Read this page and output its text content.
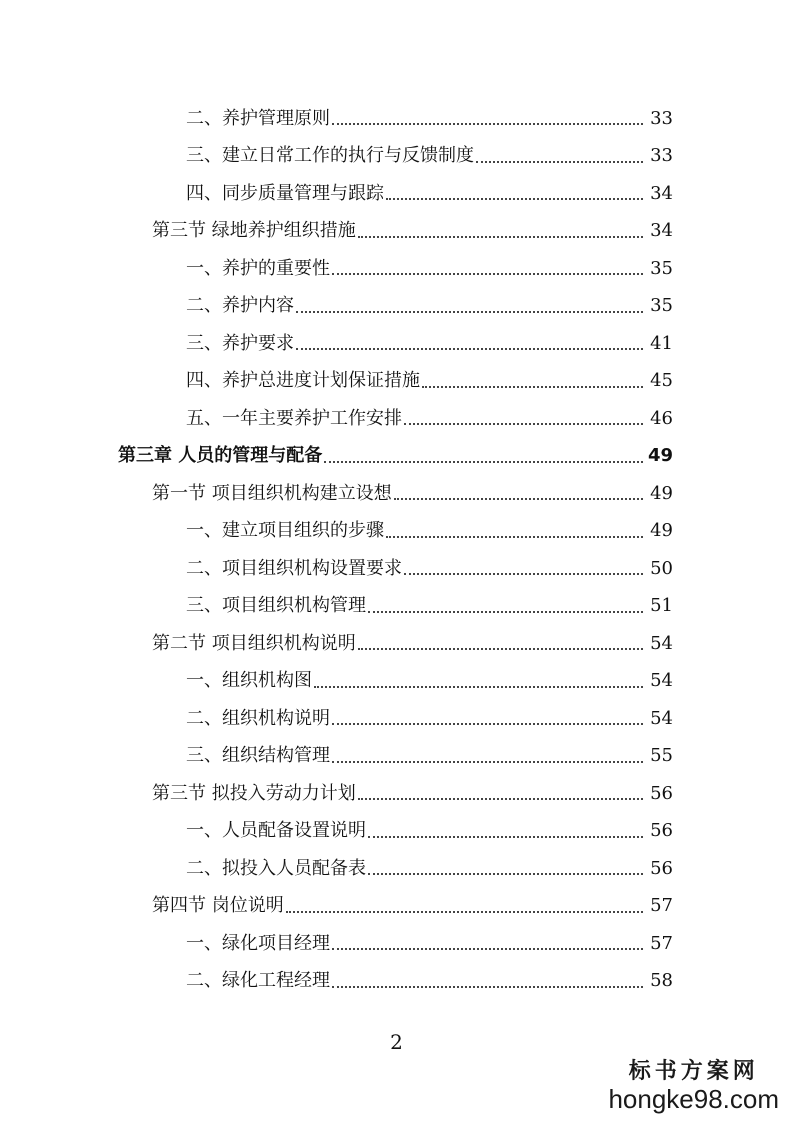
二、养护管理原则	33
三、建立日常工作的执行与反馈制度	33
四、同步质量管理与跟踪	34
第三节 绿地养护组织措施	34
一、养护的重要性	35
二、养护内容	35
三、养护要求	41
四、养护总进度计划保证措施	45
五、一年主要养护工作安排	46
第三章 人员的管理与配备	49
第一节 项目组织机构建立设想	49
一、建立项目组织的步骤	49
二、项目组织机构设置要求	50
三、项目组织机构管理	51
第二节 项目组织机构说明	54
一、组织机构图	54
二、组织机构说明	54
三、组织结构管理	55
第三节 拟投入劳动力计划	56
一、人员配备设置说明	56
二、拟投入人员配备表	56
第四节 岗位说明	57
一、绿化项目经理	57
二、绿化工程经理	58
2
标书方案网
hongke98.com
